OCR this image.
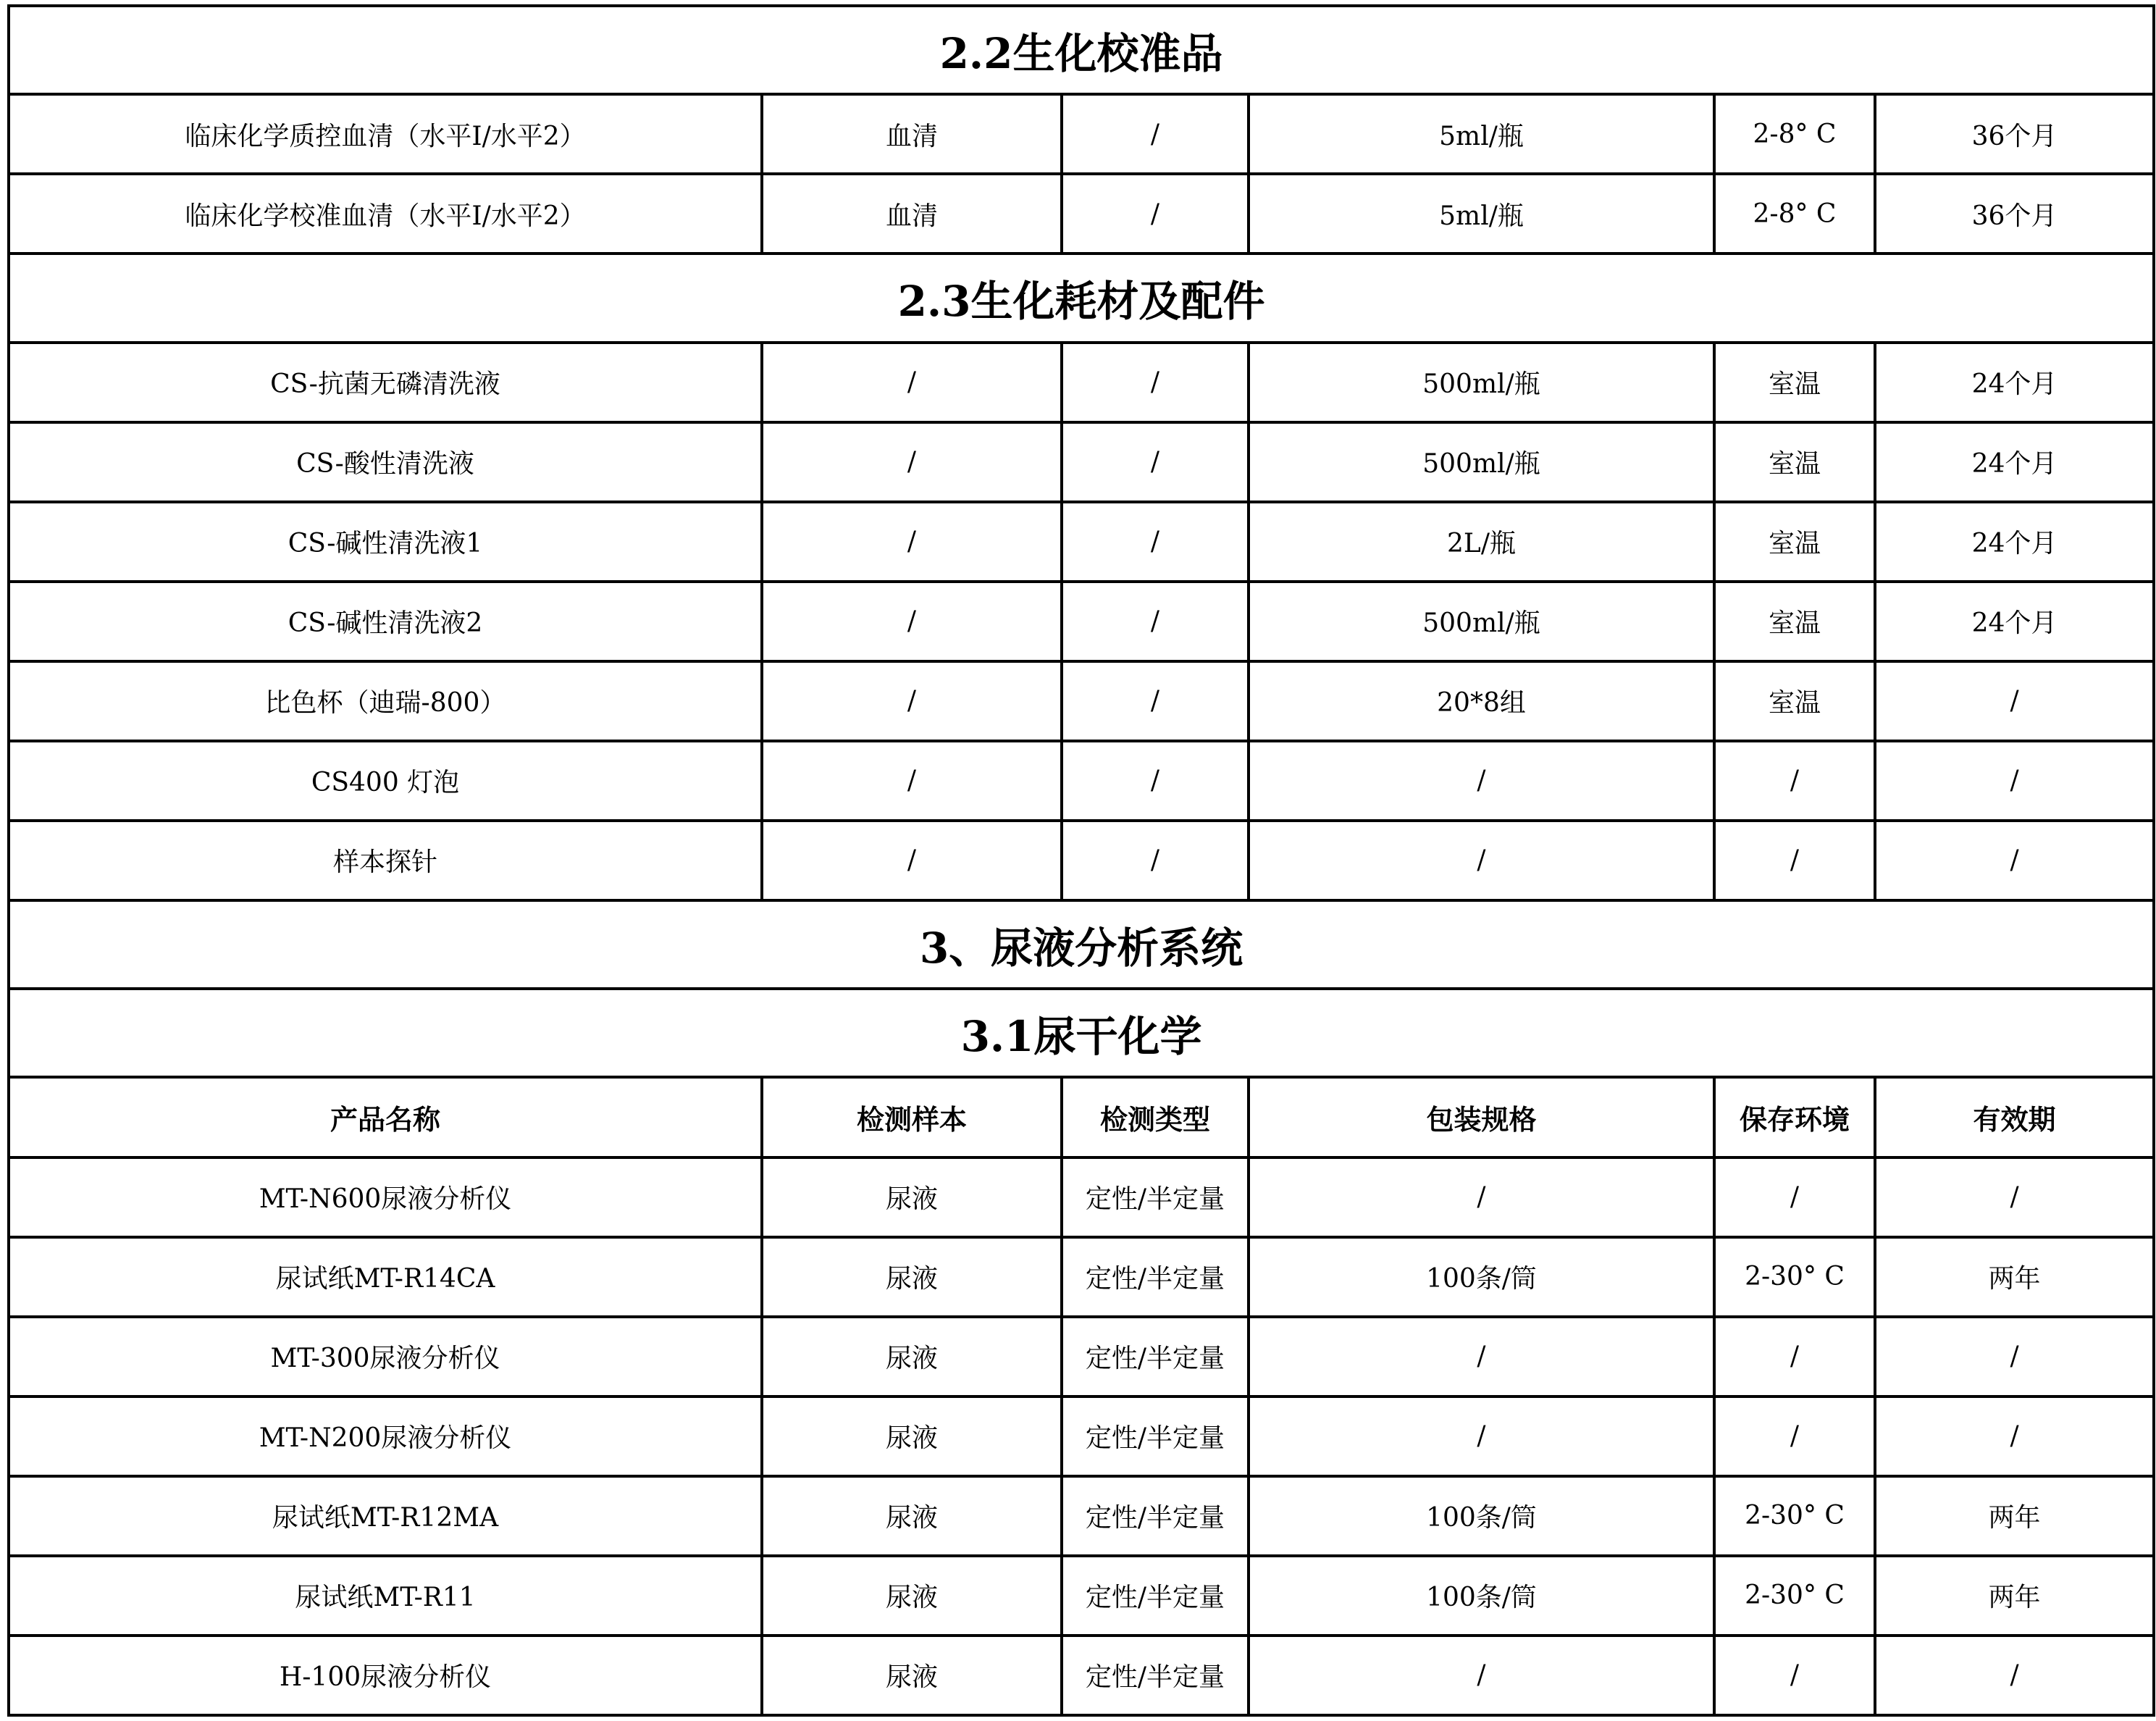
2.2生化校准品					
临床化学质控血清（水平I/水平2）	血清	/	5ml/瓶	2-8° C	36个月
临床化学校准血清（水平I/水平2）	血清	/	5ml/瓶	2-8° C	36个月
2.3生化耗材及配件					
CS-抗菌无磷清洗液	/	/	500ml/瓶	室温	24个月
CS-酸性清洗液	/	/	500ml/瓶	室温	24个月
CS-碱性清洗液1	/	/	2L/瓶	室温	24个月
CS-碱性清洗液2	/	/	500ml/瓶	室温	24个月
比色杯（迪瑞-800）	/	/	20*8组	室温	/
CS400 灯泡	/	/	/	/	/
样本探针	/	/	/	/	/
3、尿液分析系统					
3.1尿干化学					
产品名称	检测样本	检测类型	包装规格	保存环境	有效期
MT-N600尿液分析仪	尿液	定性/半定量	/	/	/
尿试纸MT-R14CA	尿液	定性/半定量	100条/筒	2-30° C	两年
MT-300尿液分析仪	尿液	定性/半定量	/	/	/
MT-N200尿液分析仪	尿液	定性/半定量	/	/	/
尿试纸MT-R12MA	尿液	定性/半定量	100条/筒	2-30° C	两年
尿试纸MT-R11	尿液	定性/半定量	100条/筒	2-30° C	两年
H-100尿液分析仪	尿液	定性/半定量	/	/	/
